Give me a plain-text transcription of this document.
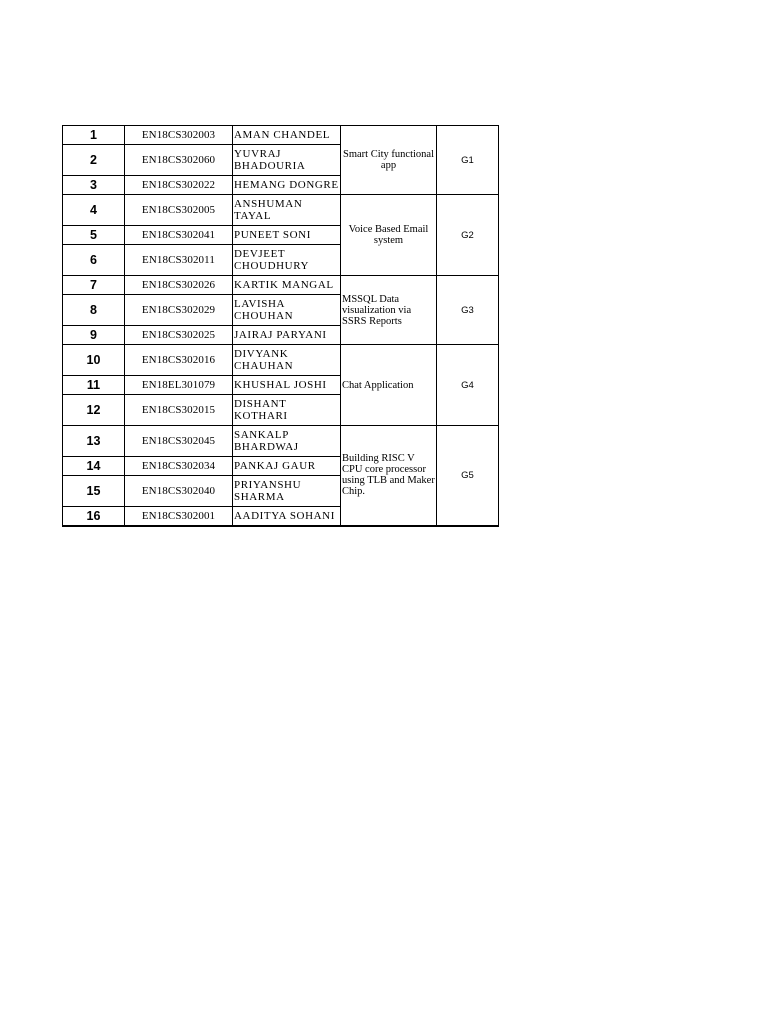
1	EN18CS302003	AMAN CHANDEL	Smart City functional app	G1
2	EN18CS302060	YUVRAJ BHADOURIA		
3	EN18CS302022	HEMANG DONGRE		
4	EN18CS302005	ANSHUMAN TAYAL	Voice Based Email system	G2
5	EN18CS302041	PUNEET SONI		
6	EN18CS302011	DEVJEET CHOUDHURY		
7	EN18CS302026	KARTIK MANGAL	MSSQL Data visualization via SSRS Reports	G3
8	EN18CS302029	LAVISHA CHOUHAN		
9	EN18CS302025	JAIRAJ PARYANI		
10	EN18CS302016	DIVYANK CHAUHAN	Chat Application	G4
11	EN18EL301079	KHUSHAL JOSHI		
12	EN18CS302015	DISHANT KOTHARI		
13	EN18CS302045	SANKALP BHARDWAJ	Building RISC V CPU core processor using TLB and Maker Chip.	G5
14	EN18CS302034	PANKAJ GAUR		
15	EN18CS302040	PRIYANSHU SHARMA		
16	EN18CS302001	AADITYA SOHANI		
